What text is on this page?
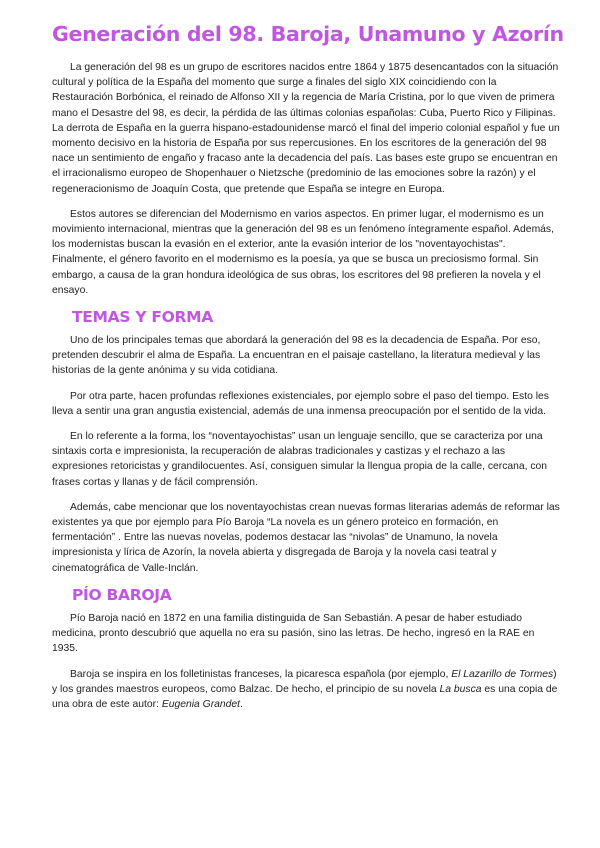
Generación del 98. Baroja, Unamuno y Azorín

La generación del 98 es un grupo de escritores nacidos entre 1864 y 1875 desencantados con la situación cultural y política de la España del momento que surge a finales del siglo XIX coincidiendo con la Restauración Borbónica, el reinado de Alfonso XII y la regencia de María Cristina, por lo que viven de primera mano el Desastre del 98, es decir, la pérdida de las últimas colonias españolas: Cuba, Puerto Rico y Filipinas. La derrota de España en la guerra hispano-estadounidense marcó el final del imperio colonial español y fue un momento decisivo en la historia de España por sus repercusiones. En los escritores de la generación del 98 nace un sentimiento de engaño y fracaso ante la decadencia del país. Las bases este grupo se encuentran en el irracionalismo europeo de Shopenhauer o Nietzsche (predominio de las emociones sobre la razón) y el regeneracionismo de Joaquín Costa, que pretende que España se integre en Europa.

Estos autores se diferencian del Modernismo en varios aspectos. En primer lugar, el modernismo es un movimiento internacional, mientras que la generación del 98 es un fenómeno íntegramente español. Además, los modernistas buscan la evasión en el exterior, ante la evasión interior de los "noventayochistas". Finalmente, el género favorito en el modernismo es la poesía, ya que se busca un preciosismo formal. Sin embargo, a causa de la gran hondura ideológica de sus obras, los escritores del 98 prefieren la novela y el ensayo.

TEMAS Y FORMA

Uno de los principales temas que abordará la generación del 98 es la decadencia de España. Por eso, pretenden descubrir el alma de España. La encuentran en el paisaje castellano, la literatura medieval y las historias de la gente anónima y su vida cotidiana.

Por otra parte, hacen profundas reflexiones existenciales, por ejemplo sobre el paso del tiempo. Esto les lleva a sentir una gran angustia existencial, además de una inmensa preocupación por el sentido de la vida.

En lo referente a la forma, los “noventayochistas” usan un lenguaje sencillo, que se caracteriza por una sintaxis corta e impresionista, la recuperación de alabras tradicionales y castizas y el rechazo a las expresiones retoricistas y grandilocuentes. Así, consiguen simular la llengua propia de la calle, cercana, con frases cortas y llanas y de fácil comprensión.

Además, cabe mencionar que los noventayochistas crean nuevas formas literarias además de reformar las existentes ya que por ejemplo para Pío Baroja “La novela es un género proteico en formación, en fermentación” . Entre las nuevas novelas, podemos destacar las “nivolas” de Unamuno, la novela impresionista y lírica de Azorín, la novela abierta y disgregada de Baroja y la novela casi teatral y cinematográfica de Valle-Inclán.

PÍO BAROJA

Pío Baroja nació en 1872 en una familia distinguida de San Sebastián. A pesar de haber estudiado medicina, pronto descubrió que aquella no era su pasión, sino las letras. De hecho, ingresó en la RAE en 1935.

Baroja se inspira en los folletinistas franceses, la picaresca española (por ejemplo, El Lazarillo de Tormes) y los grandes maestros europeos, como Balzac. De hecho, el principio de su novela La busca es una copia de una obra de este autor: Eugenia Grandet.
